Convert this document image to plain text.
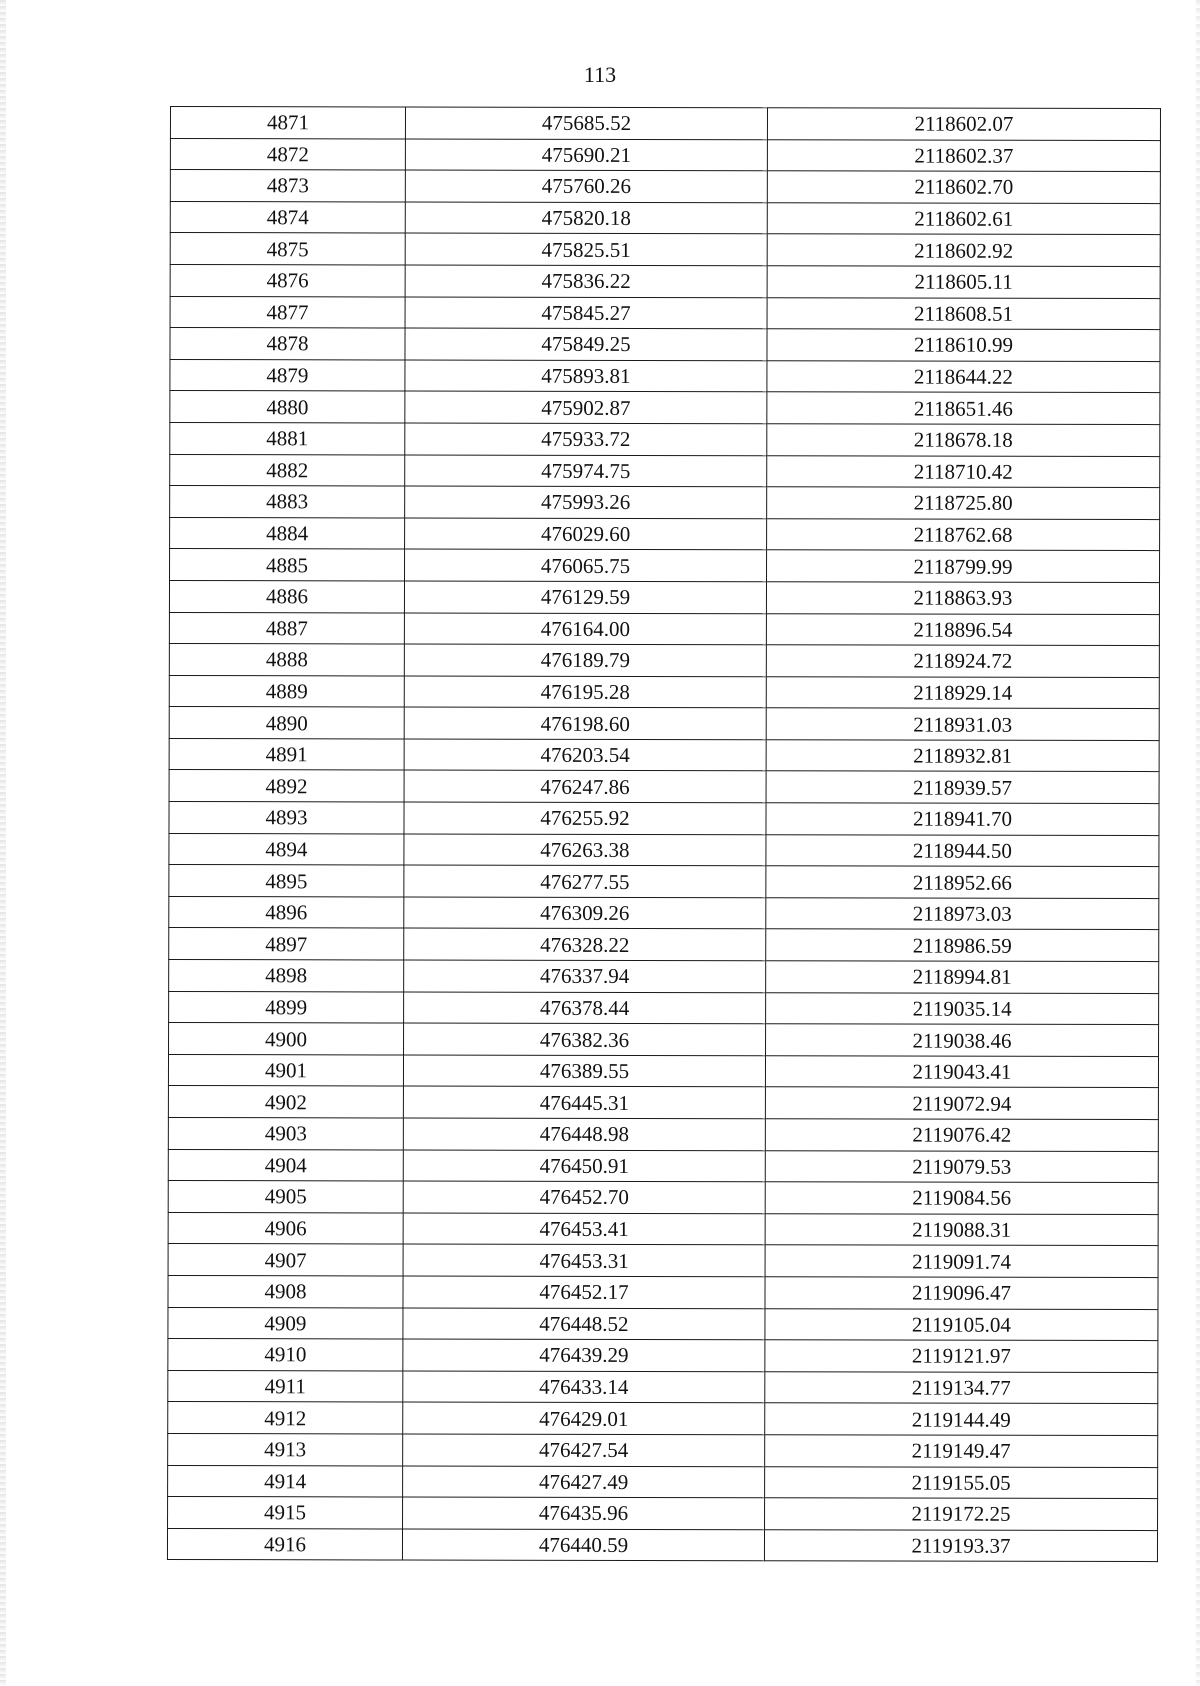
113
4871	475685.52	2118602.07
4872	475690.21	2118602.37
4873	475760.26	2118602.70
4874	475820.18	2118602.61
4875	475825.51	2118602.92
4876	475836.22	2118605.11
4877	475845.27	2118608.51
4878	475849.25	2118610.99
4879	475893.81	2118644.22
4880	475902.87	2118651.46
4881	475933.72	2118678.18
4882	475974.75	2118710.42
4883	475993.26	2118725.80
4884	476029.60	2118762.68
4885	476065.75	2118799.99
4886	476129.59	2118863.93
4887	476164.00	2118896.54
4888	476189.79	2118924.72
4889	476195.28	2118929.14
4890	476198.60	2118931.03
4891	476203.54	2118932.81
4892	476247.86	2118939.57
4893	476255.92	2118941.70
4894	476263.38	2118944.50
4895	476277.55	2118952.66
4896	476309.26	2118973.03
4897	476328.22	2118986.59
4898	476337.94	2118994.81
4899	476378.44	2119035.14
4900	476382.36	2119038.46
4901	476389.55	2119043.41
4902	476445.31	2119072.94
4903	476448.98	2119076.42
4904	476450.91	2119079.53
4905	476452.70	2119084.56
4906	476453.41	2119088.31
4907	476453.31	2119091.74
4908	476452.17	2119096.47
4909	476448.52	2119105.04
4910	476439.29	2119121.97
4911	476433.14	2119134.77
4912	476429.01	2119144.49
4913	476427.54	2119149.47
4914	476427.49	2119155.05
4915	476435.96	2119172.25
4916	476440.59	2119193.37
